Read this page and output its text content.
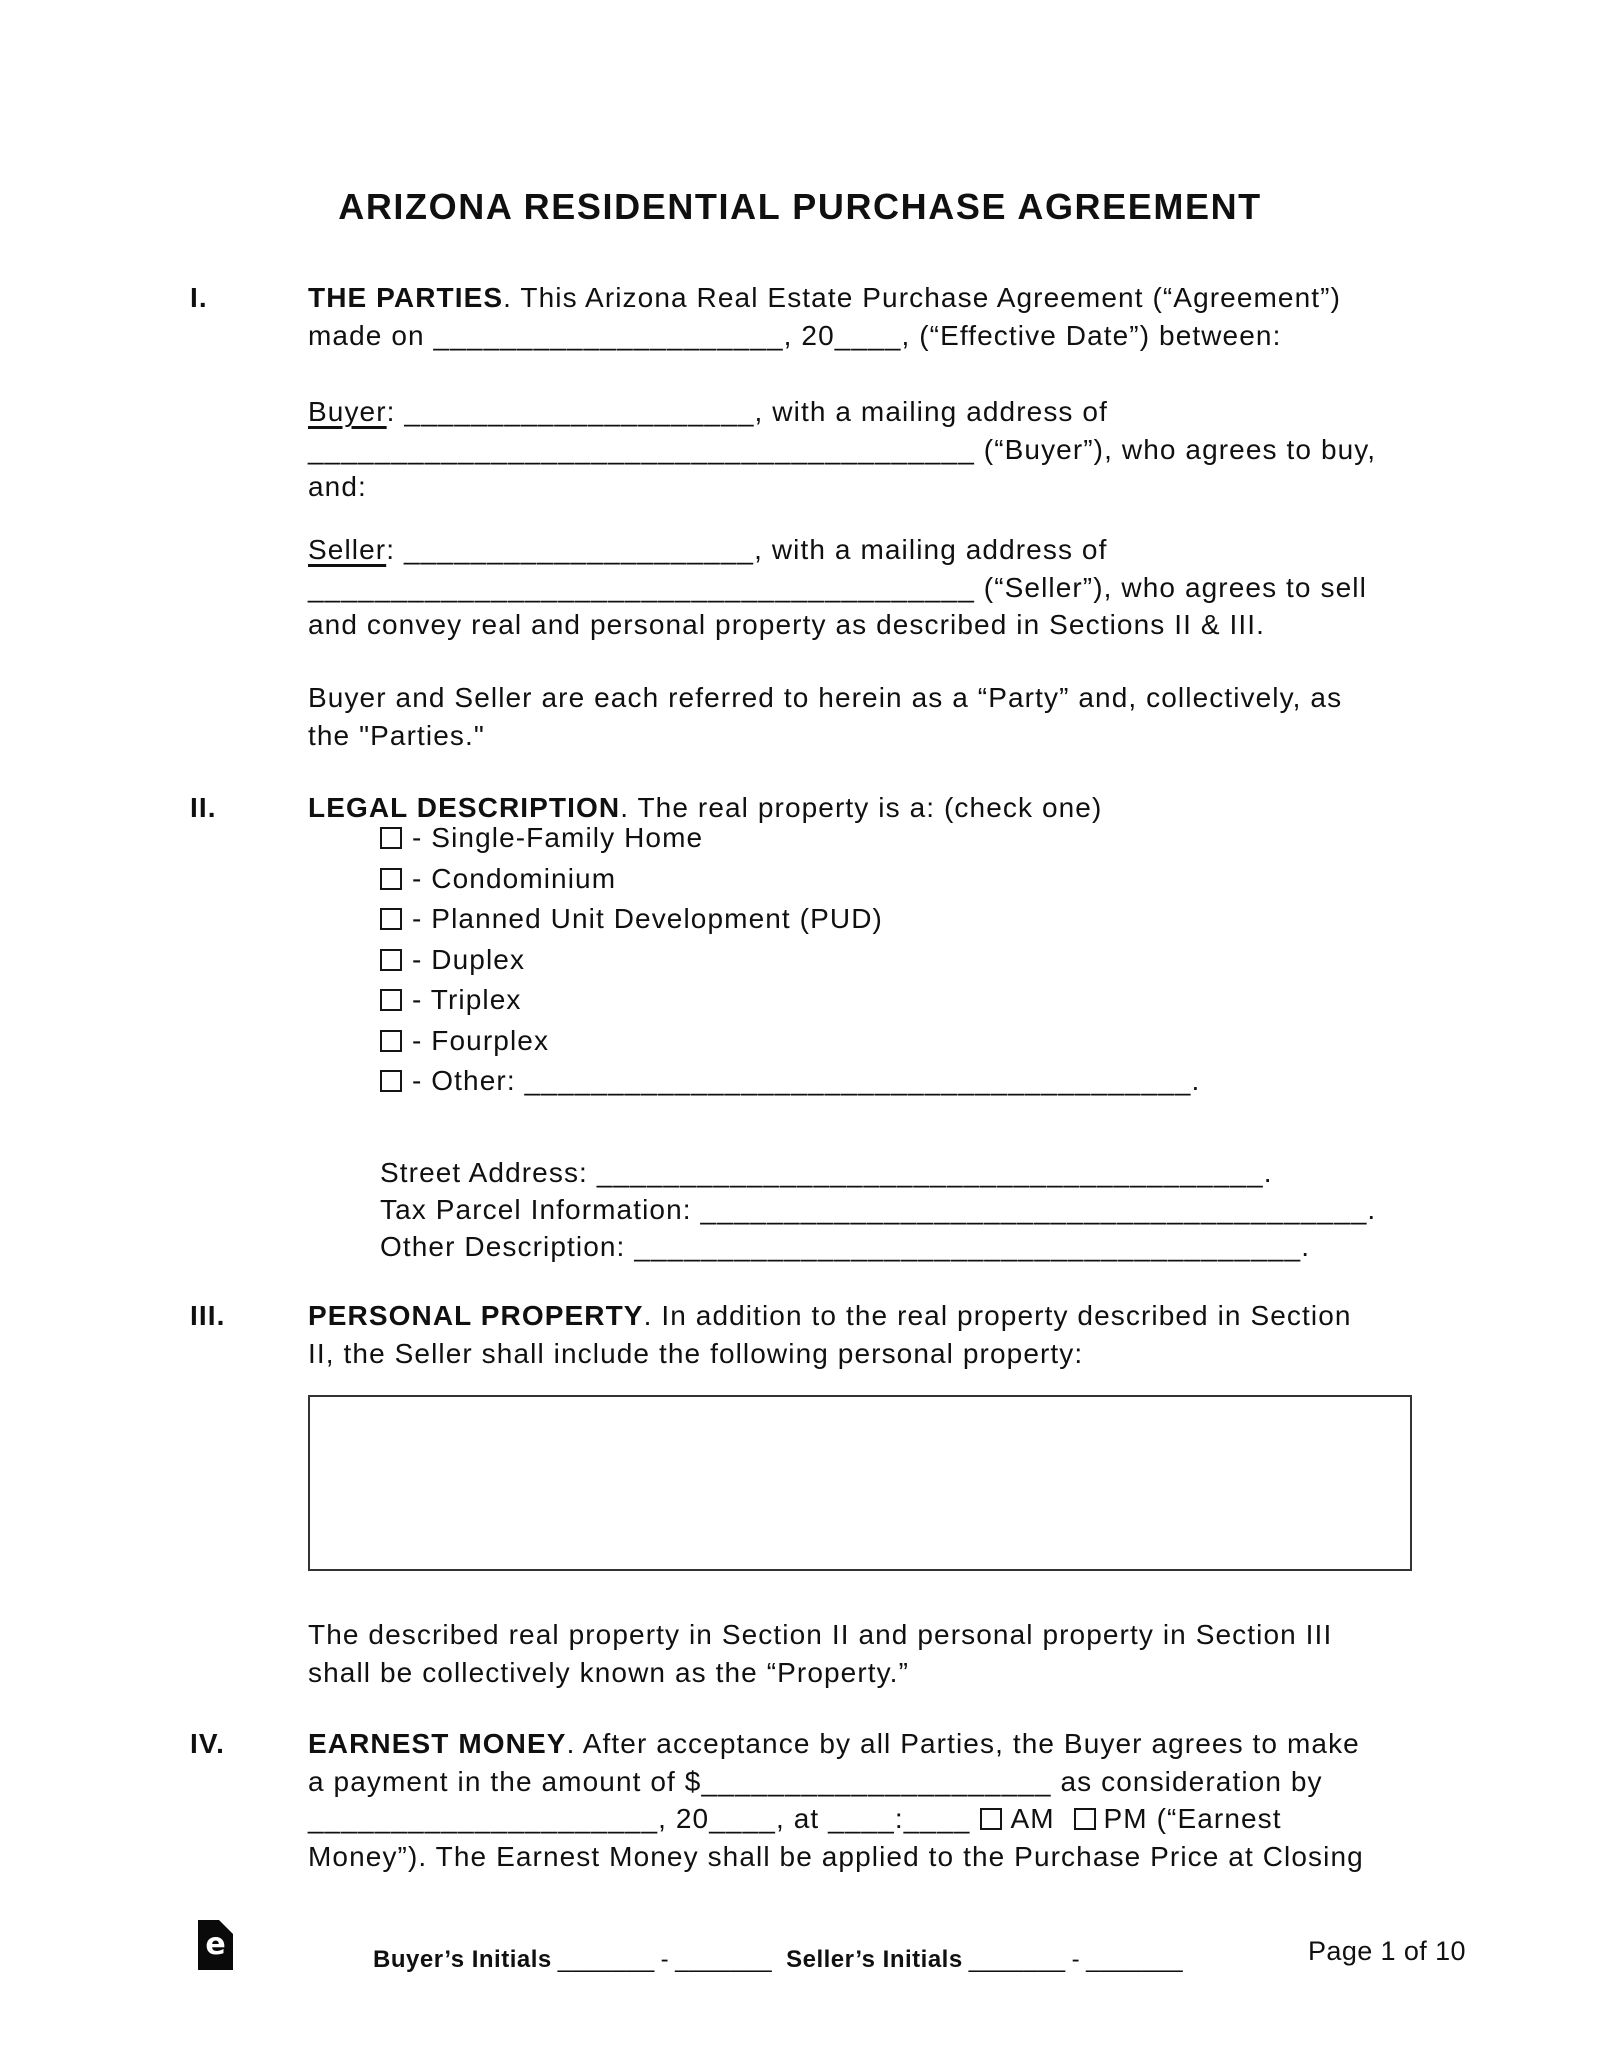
ARIZONA RESIDENTIAL PURCHASE AGREEMENT
I.	THE PARTIES. This Arizona Real Estate Purchase Agreement (“Agreement”)
made on _____________________, 20____, (“Effective Date”) between:
Buyer: _____________________, with a mailing address of
________________________________________ (“Buyer”), who agrees to buy,
and:
Seller: _____________________, with a mailing address of
________________________________________ (“Seller”), who agrees to sell
and convey real and personal property as described in Sections II & III.
Buyer and Seller are each referred to herein as a “Party” and, collectively, as
the "Parties."
II.	LEGAL DESCRIPTION. The real property is a: (check one)
- Single-Family Home
- Condominium
- Planned Unit Development (PUD)
- Duplex
- Triplex
- Fourplex
- Other: ________________________________________.
Street Address: ________________________________________.
Tax Parcel Information: ________________________________________.
Other Description: ________________________________________.
III.	PERSONAL PROPERTY. In addition to the real property described in Section
II, the Seller shall include the following personal property:
The described real property in Section II and personal property in Section III
shall be collectively known as the “Property.”
IV.	EARNEST MONEY. After acceptance by all Parties, the Buyer agrees to make
a payment in the amount of $_____________________ as consideration by
_____________________, 20____, at ____:____ AM PM (“Earnest
Money”). The Earnest Money shall be applied to the Purchase Price at Closing
e	Buyer’s Initials _______ - _______ Seller’s Initials _______ - _______	Page 1 of 10
